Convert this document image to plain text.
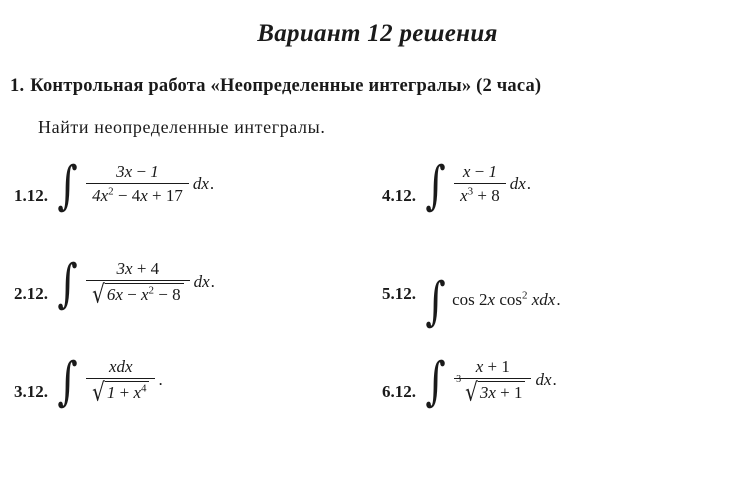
Вариант 12 решения
1. Контрольная работа «Неопределенные интегралы» (2 часа)
Найти неопределенные интегралы.
1.12. ∫ $\frac{3x - 1}{4x^2 - 4x + 17}$ dx .
4.12. ∫ $\frac{x - 1}{x^3 + 8}$ dx .
2.12. ∫ $\frac{3x + 4}{√ 6x - x^2 - 8}$ dx .
5.12. ∫ cos 2x $\cos^2$ xdx .
3.12. ∫ $\frac{\text{xdx}}{√ 1 + x^4}$ .
6.12. ∫ $\frac{x + 1}{3 √ 3x + 1}$ dx .
